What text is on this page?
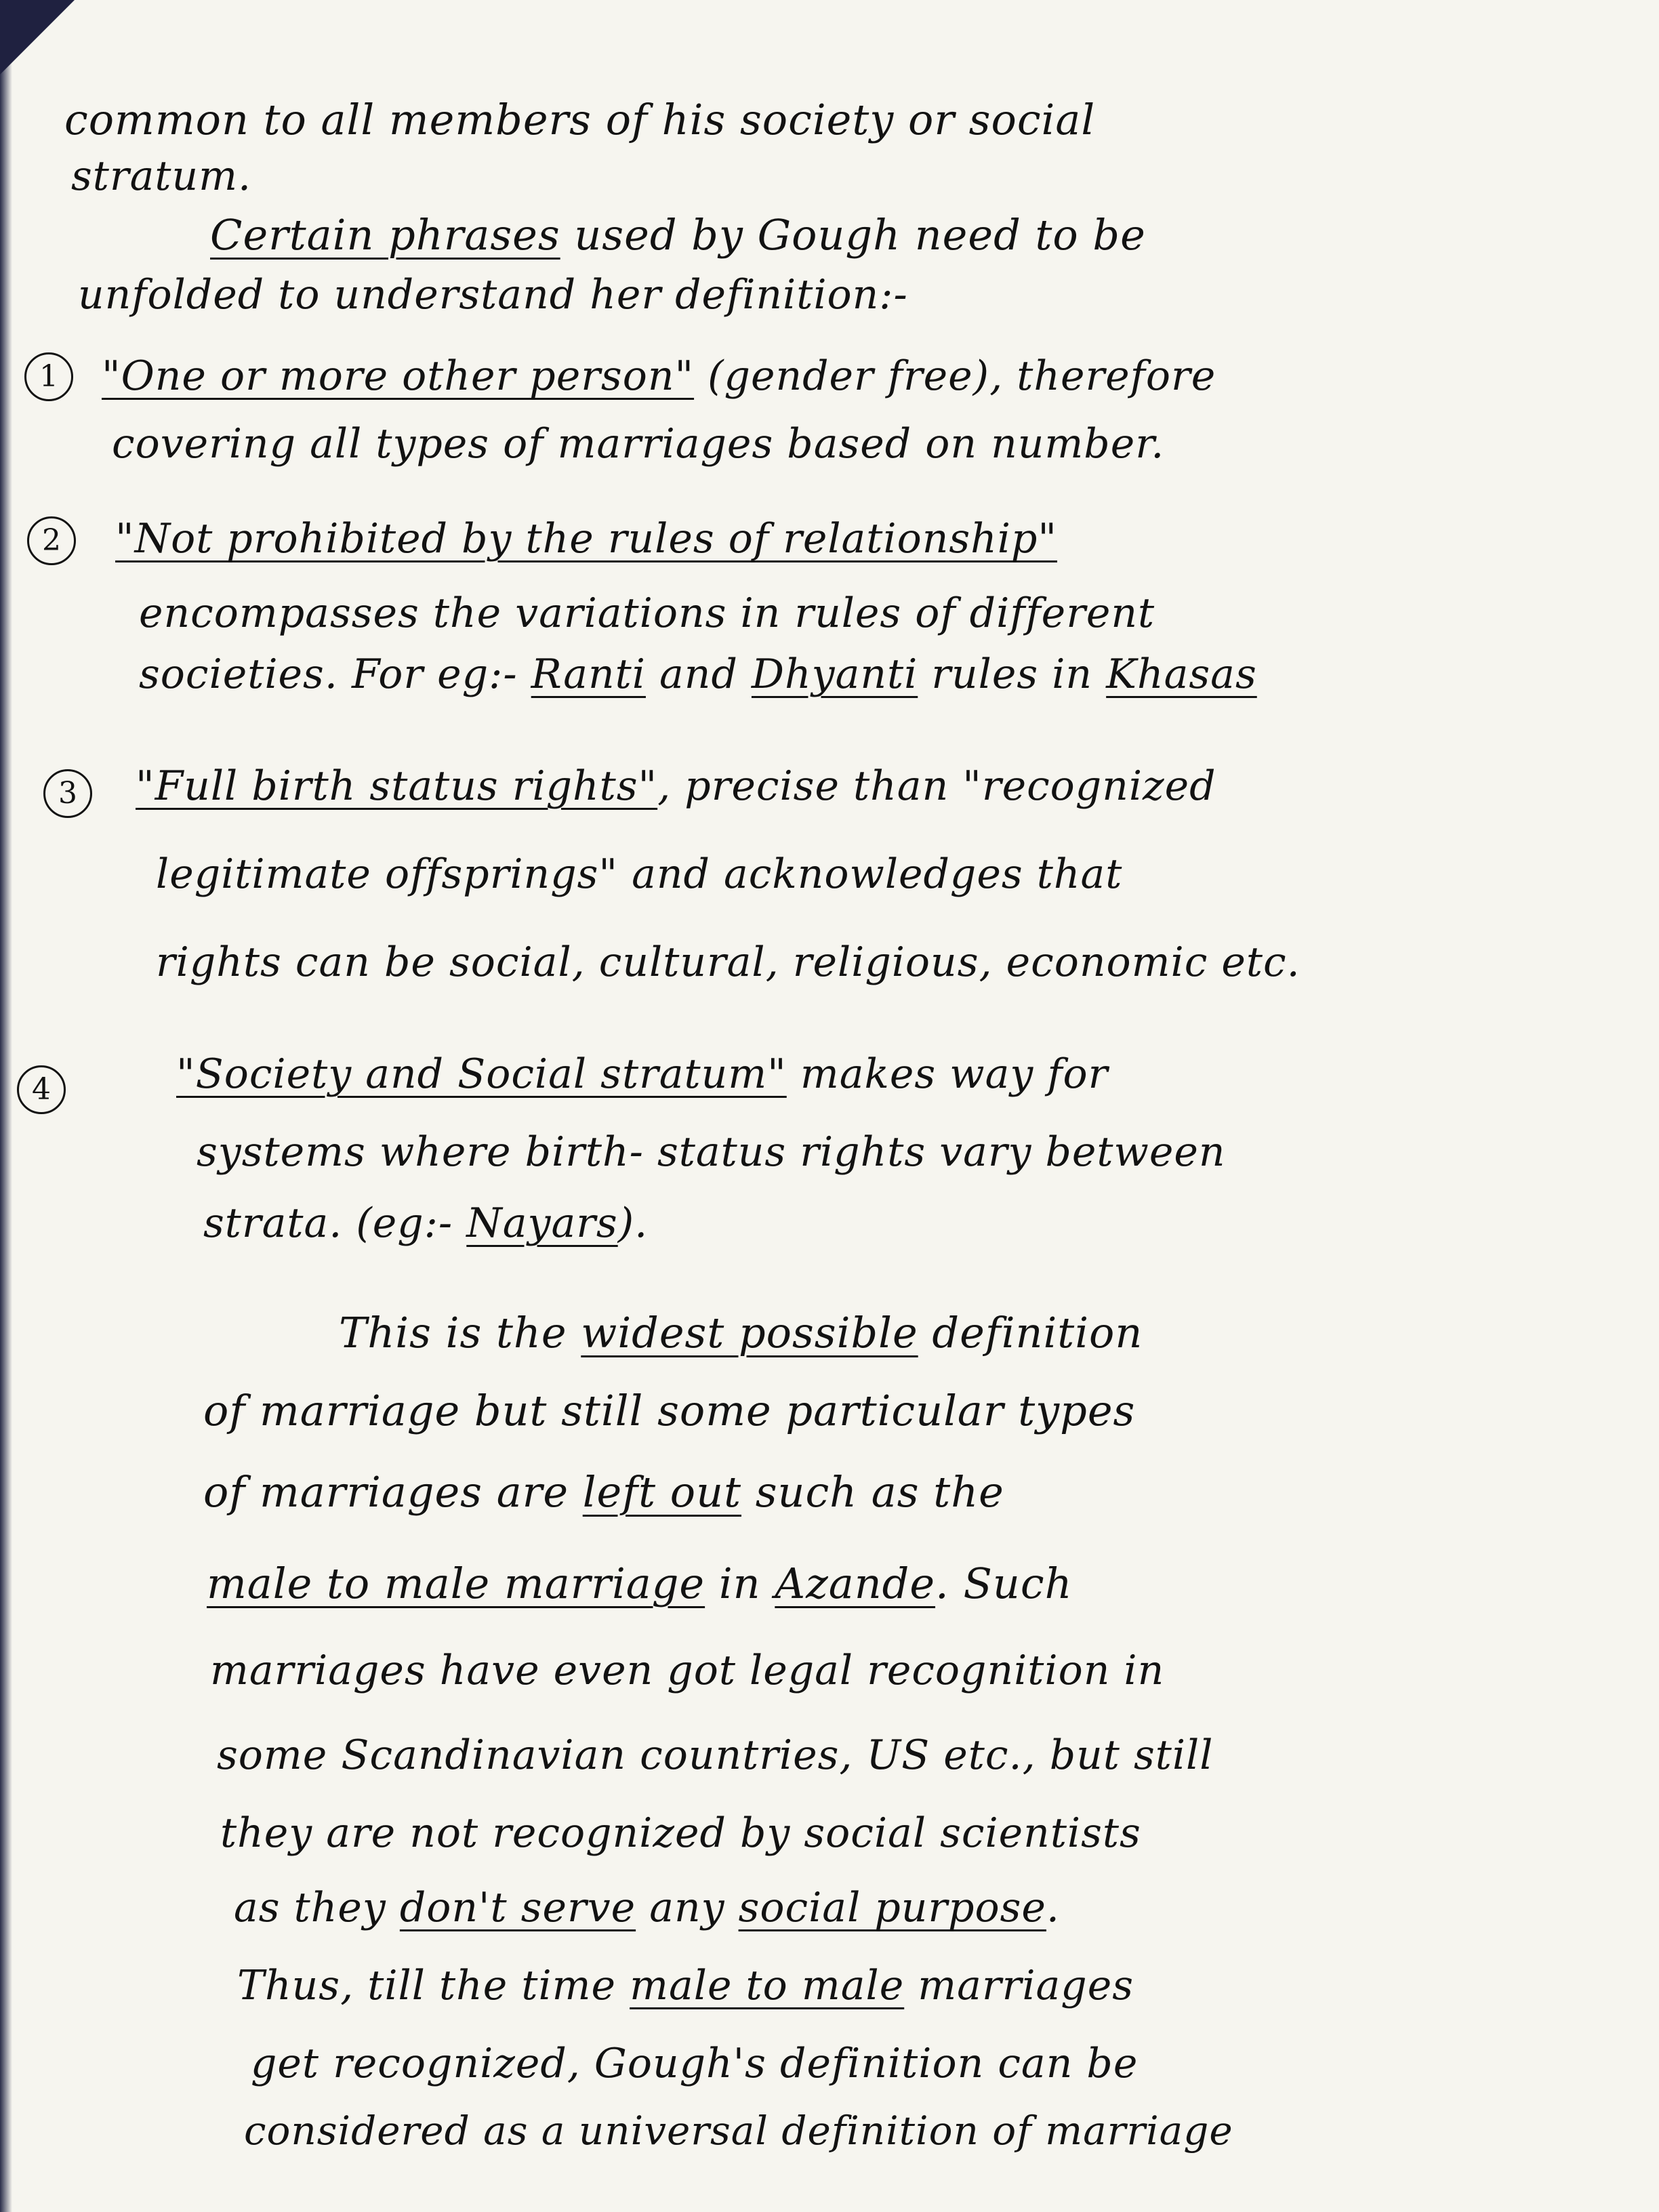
common to all members of his society or social
stratum.
Certain phrases used by Gough need to be
unfolded to understand her definition:-
1	"One or more other person" (gender free), therefore
covering all types of marriages based on number.
2	"Not prohibited by the rules of relationship"
encompasses the variations in rules of different
societies. For eg:- Ranti and Dhyanti rules in Khasas
3	"Full birth status rights", precise than "recognized
legitimate offsprings" and acknowledges that
rights can be social, cultural, religious, economic etc.
4	"Society and Social stratum" makes way for
systems where birth- status rights vary between
strata. (eg:- Nayars).
This is the widest possible definition
of marriage but still some particular types
of marriages are left out such as the
male to male marriage in Azande. Such
marriages have even got legal recognition in
some Scandinavian countries, US etc., but still
they are not recognized by social scientists
as they don't serve any social purpose.
Thus, till the time male to male marriages
get recognized, Gough's definition can be
considered as a universal definition of marriage
